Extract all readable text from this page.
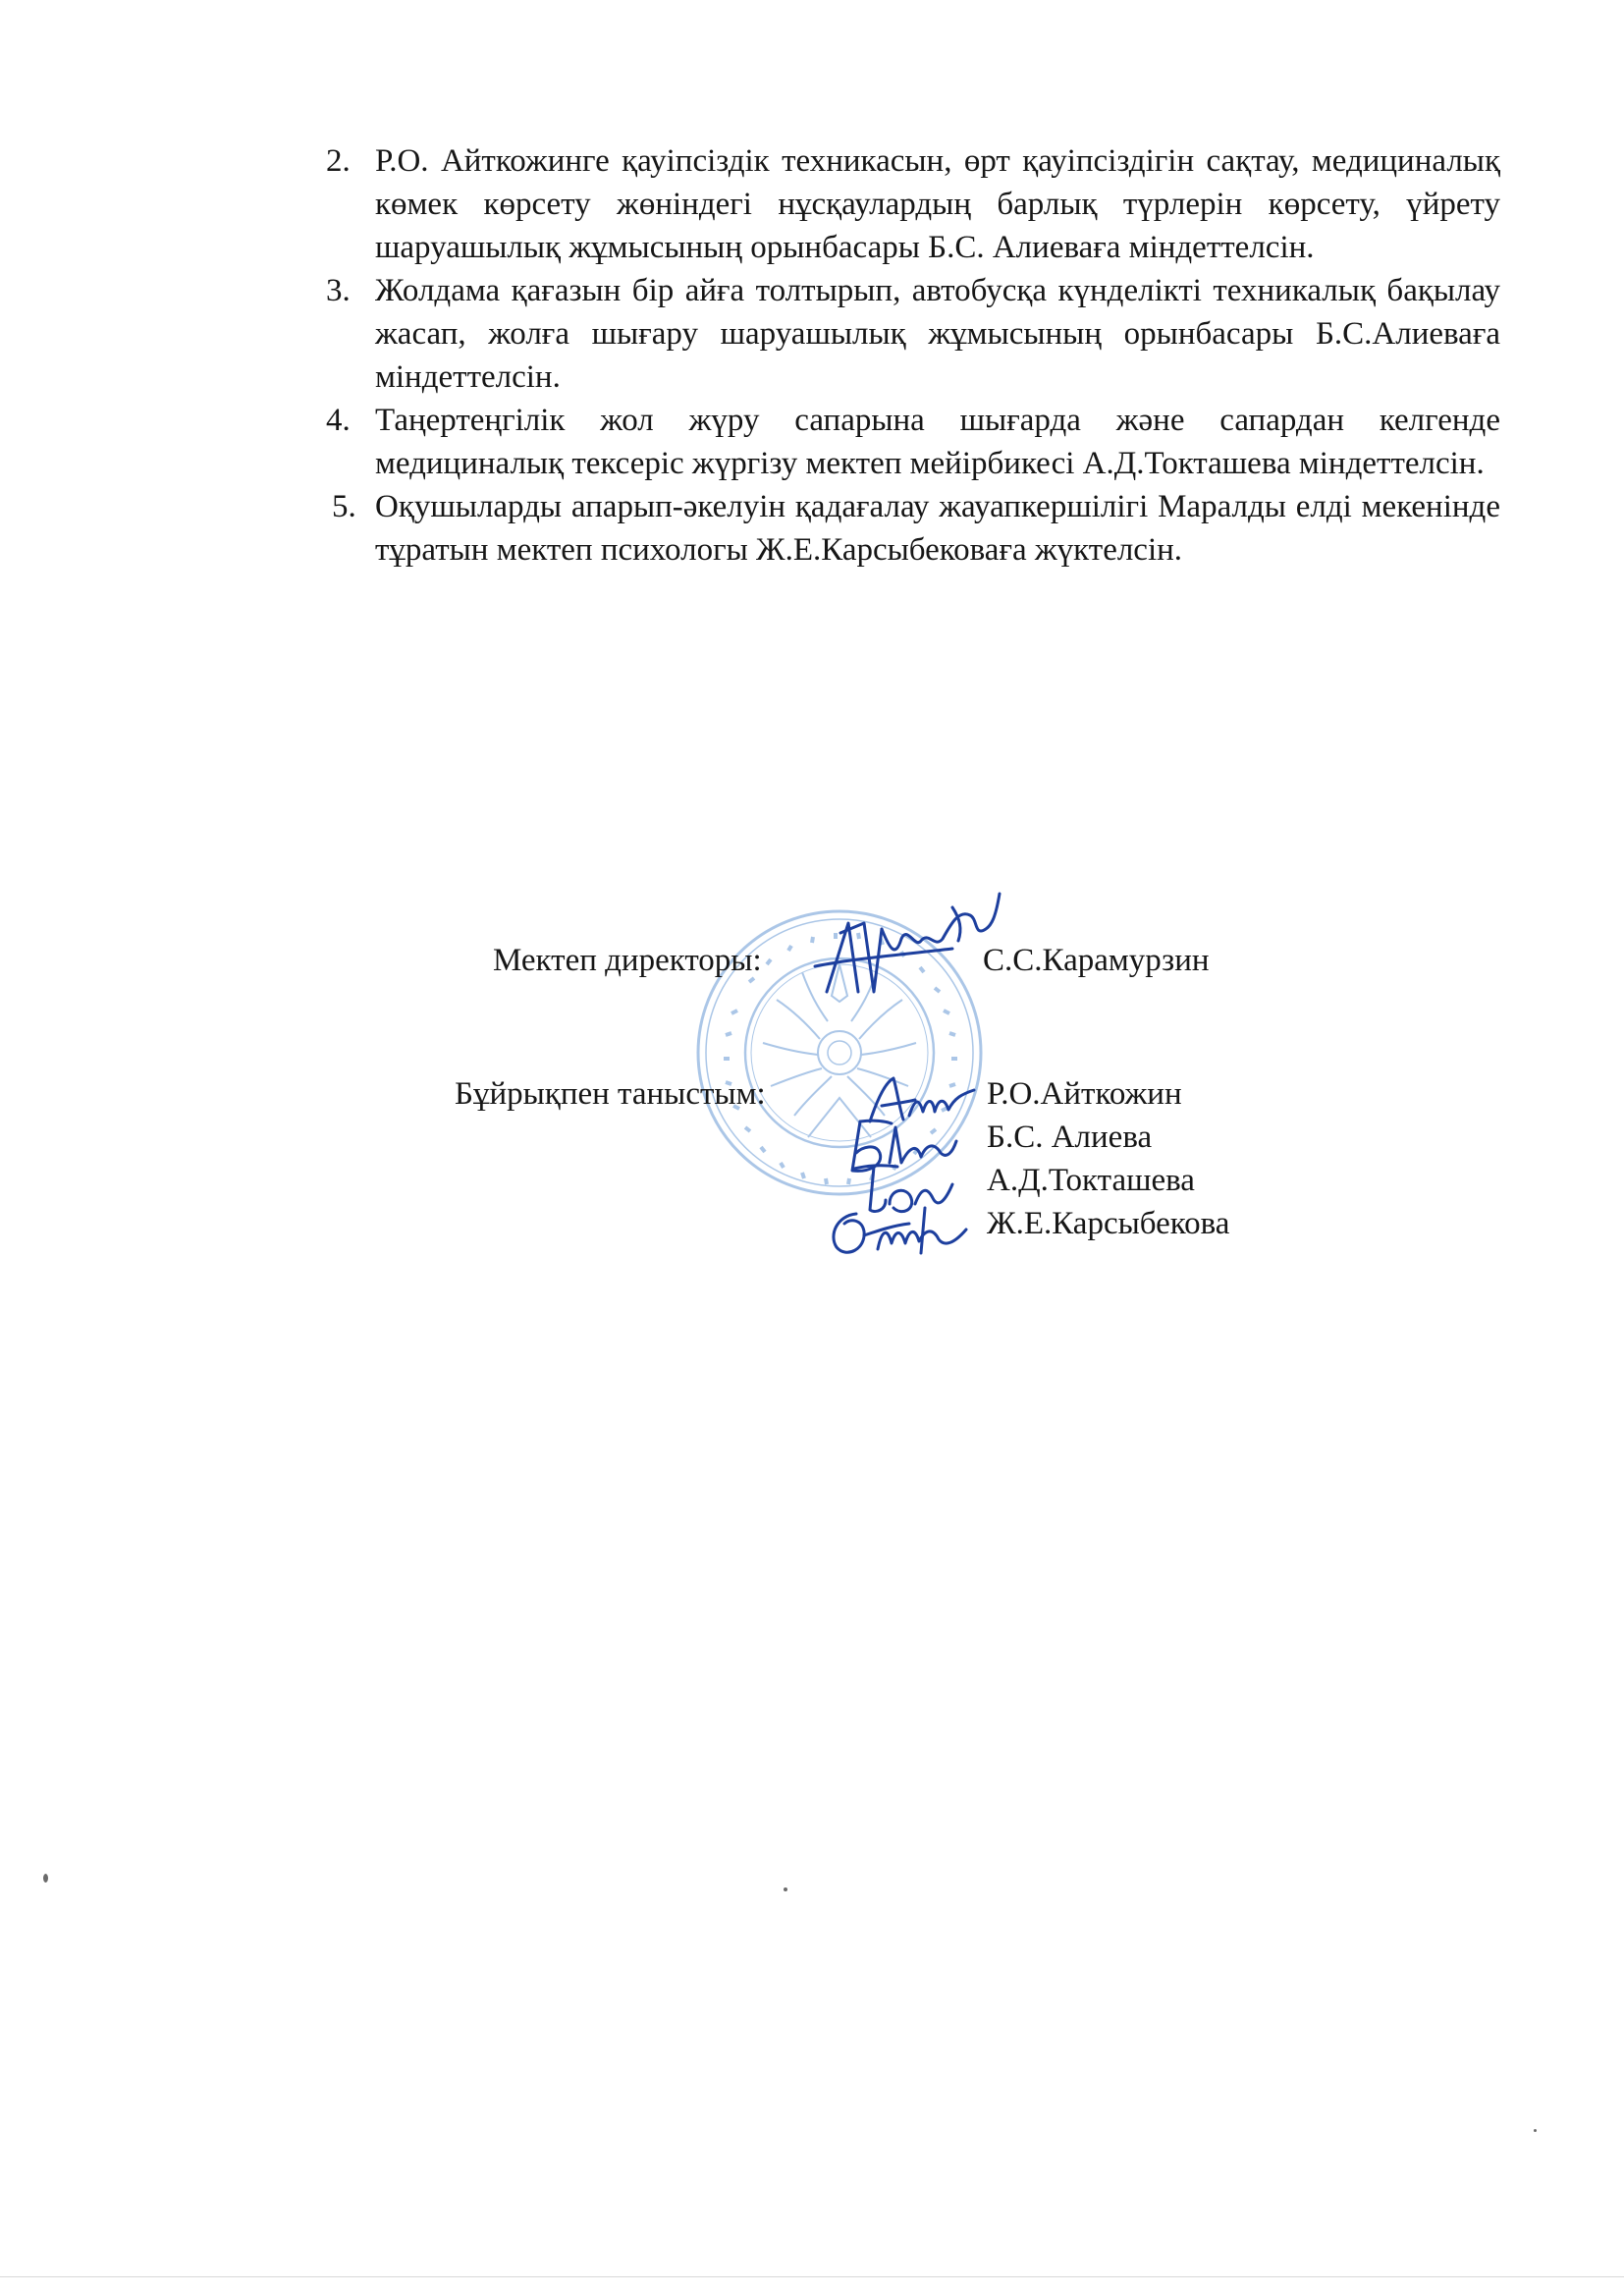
2. Р.О. Айткожинге қауіпсіздік техникасын, өрт қауіпсіздігін сақтау, медициналық көмек көрсету жөніндегі нұсқаулардың барлық түрлерін көрсету, үйрету шаруашылық жұмысының орынбасары Б.С. Алиеваға міндеттелсін.
3. Жолдама қағазын бір айға толтырып, автобусқа күнделікті техникалық бақылау жасап, жолға шығару шаруашылық жұмысының орынбасары Б.С.Алиеваға міндеттелсін.
4. Таңертеңгілік жол жүру сапарына шығарда және сапардан келгенде медициналық тексеріс жүргізу мектеп мейірбикесі А.Д.Токташева міндеттелсін.
5. Оқушыларды апарып-әкелуін қадағалау жауапкершілігі Маралды елді мекенінде тұратын мектеп психологы Ж.Е.Карсыбековаға жүктелсін.
Мектеп директоры:	С.С.Карамурзин
Бұйрықпен таныстым:	Р.О.Айткожин
Б.С. Алиева
А.Д.Токташева
Ж.Е.Карсыбекова
